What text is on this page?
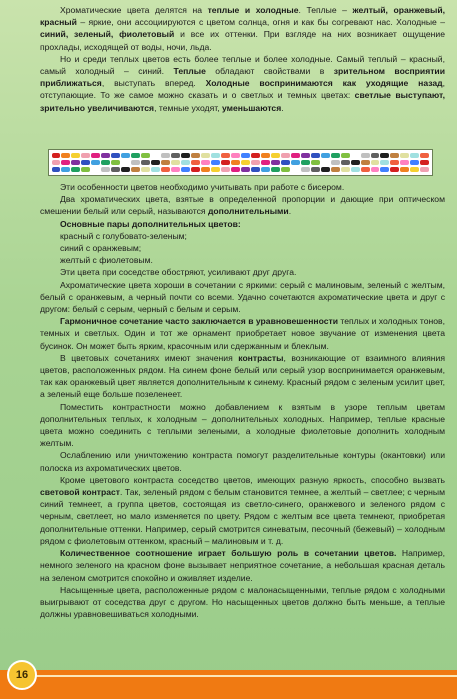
Хроматические цвета делятся на теплые и холодные. Теплые – желтый, оранжевый, красный – яркие, они ассоциируются с цветом солнца, огня и как бы согревают нас. Холодные – синий, зеленый, фиолетовый и все их оттенки. При взгляде на них возникает ощущение прохлады, исходящей от воды, ночи, льда.

Но и среди теплых цветов есть более теплые и более холодные. Самый теплый – красный, самый холодный – синий. Теплые обладают свойствами в зрительном восприятии приближаться, выступать вперед. Холодные воспринимаются как уходящие назад, отступающие. То же самое можно сказать и о светлых и темных цветах: светлые выступают, зрительно увеличиваются, темные уходят, уменьшаются.

Эти особенности цветов необходимо учитывать при работе с бисером.

Два хроматических цвета, взятые в определенной пропорции и дающие при оптическом смешении белый или серый, называются дополнительными.

Основные пары дополнительных цветов:

красный с голубовато-зеленым;

синий с оранжевым;

желтый с фиолетовым.

Эти цвета при соседстве обостряют, усиливают друг друга.

Ахроматические цвета хороши в сочетании с яркими: серый с малиновым, зеленый с желтым, белый с оранжевым, а черный почти со всеми. Удачно сочетаются ахроматические цвета и друг с другом: белый с серым, черный с белым и серым.

Гармоничное сочетание часто заключается в уравновешенности теплых и холодных тонов, темных и светлых. Один и тот же орнамент приобретает новое звучание от изменения цвета бусинок. Он может быть ярким, красочным или сдержанным и блеклым.

В цветовых сочетаниях имеют значения контрасты, возникающие от взаимного влияния цветов, расположенных рядом. На синем фоне белый или серый узор воспринимается оранжевым, так как оранжевый цвет является дополнительным к синему. Красный рядом с зеленым усилит цвет, а зеленый еще больше позеленеет.

Поместить контрастности можно добавлением к взятым в узоре теплым цветам дополнительных теплых, к холодным – дополнительных холодных. Например, теплые красные цвета можно соединить с теплыми зелеными, а холодные фиолетовые дополнить холодным желтым.

Ослаблению или уничтожению контраста помогут разделительные контуры (окантовки) или полоска из ахроматических цветов.

Кроме цветового контраста соседство цветов, имеющих разную яркость, способно вызвать световой контраст. Так, зеленый рядом с белым становится темнее, а желтый – светлее; с черным синий темнеет, а группа цветов, состоящая из светло-синего, оранжевого и зеленого рядом с черным, светлеет, но мало изменяется по цвету. Рядом с желтым все цвета темнеют, приобретая дополнительные оттенки. Например, серый смотрится синеватым, песочный (бежевый) – холодным рядом с фиолетовым оттенком, красный – малиновым и т. д.

Количественное соотношение играет большую роль в сочетании цветов. Например, немного зеленого на красном фоне вызывает неприятное сочетание, а небольшая красная деталь на зеленом смотрится спокойно и оживляет изделие.

Насыщенные цвета, расположенные рядом с малонасыщенными, теплые рядом с холодными выигрывают от соседства друг с другом. Но насыщенных цветов должно быть меньше, а теплые должны уравновешиваться холодными.

16
